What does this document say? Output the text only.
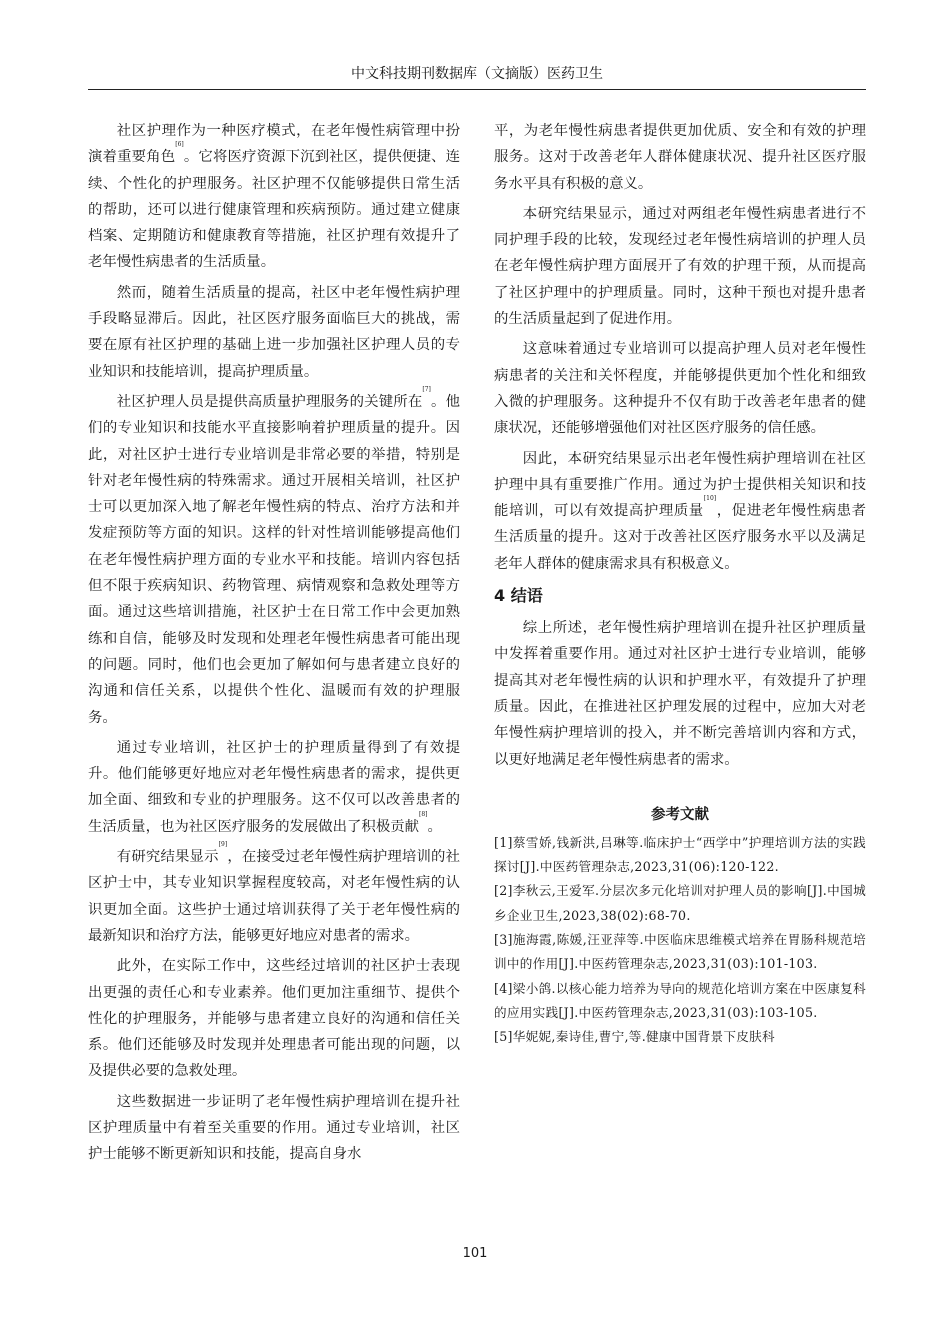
中文科技期刊数据库（文摘版）医药卫生

社区护理作为一种医疗模式，在老年慢性病管理中扮演着重要角色[6]。它将医疗资源下沉到社区，提供便捷、连续、个性化的护理服务。社区护理不仅能够提供日常生活的帮助，还可以进行健康管理和疾病预防。通过建立健康档案、定期随访和健康教育等措施，社区护理有效提升了老年慢性病患者的生活质量。

然而，随着生活质量的提高，社区中老年慢性病护理手段略显滞后。因此，社区医疗服务面临巨大的挑战，需要在原有社区护理的基础上进一步加强社区护理人员的专业知识和技能培训，提高护理质量。

社区护理人员是提供高质量护理服务的关键所在[7]。他们的专业知识和技能水平直接影响着护理质量的提升。因此，对社区护士进行专业培训是非常必要的举措，特别是针对老年慢性病的特殊需求。通过开展相关培训，社区护士可以更加深入地了解老年慢性病的特点、治疗方法和并发症预防等方面的知识。这样的针对性培训能够提高他们在老年慢性病护理方面的专业水平和技能。培训内容包括但不限于疾病知识、药物管理、病情观察和急救处理等方面。通过这些培训措施，社区护士在日常工作中会更加熟练和自信，能够及时发现和处理老年慢性病患者可能出现的问题。同时，他们也会更加了解如何与患者建立良好的沟通和信任关系，以提供个性化、温暖而有效的护理服务。

通过专业培训，社区护士的护理质量得到了有效提升。他们能够更好地应对老年慢性病患者的需求，提供更加全面、细致和专业的护理服务。这不仅可以改善患者的生活质量，也为社区医疗服务的发展做出了积极贡献[8]。

有研究结果显示[9]，在接受过老年慢性病护理培训的社区护士中，其专业知识掌握程度较高，对老年慢性病的认识更加全面。这些护士通过培训获得了关于老年慢性病的最新知识和治疗方法，能够更好地应对患者的需求。

此外，在实际工作中，这些经过培训的社区护士表现出更强的责任心和专业素养。他们更加注重细节、提供个性化的护理服务，并能够与患者建立良好的沟通和信任关系。他们还能够及时发现并处理患者可能出现的问题，以及提供必要的急救处理。

这些数据进一步证明了老年慢性病护理培训在提升社区护理质量中有着至关重要的作用。通过专业培训，社区护士能够不断更新知识和技能，提高自身水

平，为老年慢性病患者提供更加优质、安全和有效的护理服务。这对于改善老年人群体健康状况、提升社区医疗服务水平具有积极的意义。

本研究结果显示，通过对两组老年慢性病患者进行不同护理手段的比较，发现经过老年慢性病培训的护理人员在老年慢性病护理方面展开了有效的护理干预，从而提高了社区护理中的护理质量。同时，这种干预也对提升患者的生活质量起到了促进作用。

这意味着通过专业培训可以提高护理人员对老年慢性病患者的关注和关怀程度，并能够提供更加个性化和细致入微的护理服务。这种提升不仅有助于改善老年患者的健康状况，还能够增强他们对社区医疗服务的信任感。

因此，本研究结果显示出老年慢性病护理培训在社区护理中具有重要推广作用。通过为护士提供相关知识和技能培训，可以有效提高护理质量[10]，促进老年慢性病患者生活质量的提升。这对于改善社区医疗服务水平以及满足老年人群体的健康需求具有积极意义。

4 结语

综上所述，老年慢性病护理培训在提升社区护理质量中发挥着重要作用。通过对社区护士进行专业培训，能够提高其对老年慢性病的认识和护理水平，有效提升了护理质量。因此，在推进社区护理发展的过程中，应加大对老年慢性病护理培训的投入，并不断完善培训内容和方式，以更好地满足老年慢性病患者的需求。

参考文献

[1]蔡雪娇,钱新洪,吕琳等.临床护士“西学中”护理培训方法的实践探讨[J].中医药管理杂志,2023,31(06):120-122.

[2]李秋云,王爱军.分层次多元化培训对护理人员的影响[J].中国城乡企业卫生,2023,38(02):68-70.

[3]施海霞,陈媛,汪亚萍等.中医临床思维模式培养在胃肠科规范培训中的作用[J].中医药管理杂志,2023,31(03):101-103.

[4]梁小鸽.以核心能力培养为导向的规范化培训方案在中医康复科的应用实践[J].中医药管理杂志,2023,31(03):103-105.

[5]华妮妮,秦诗佳,曹宁,等.健康中国背景下皮肤科

101
